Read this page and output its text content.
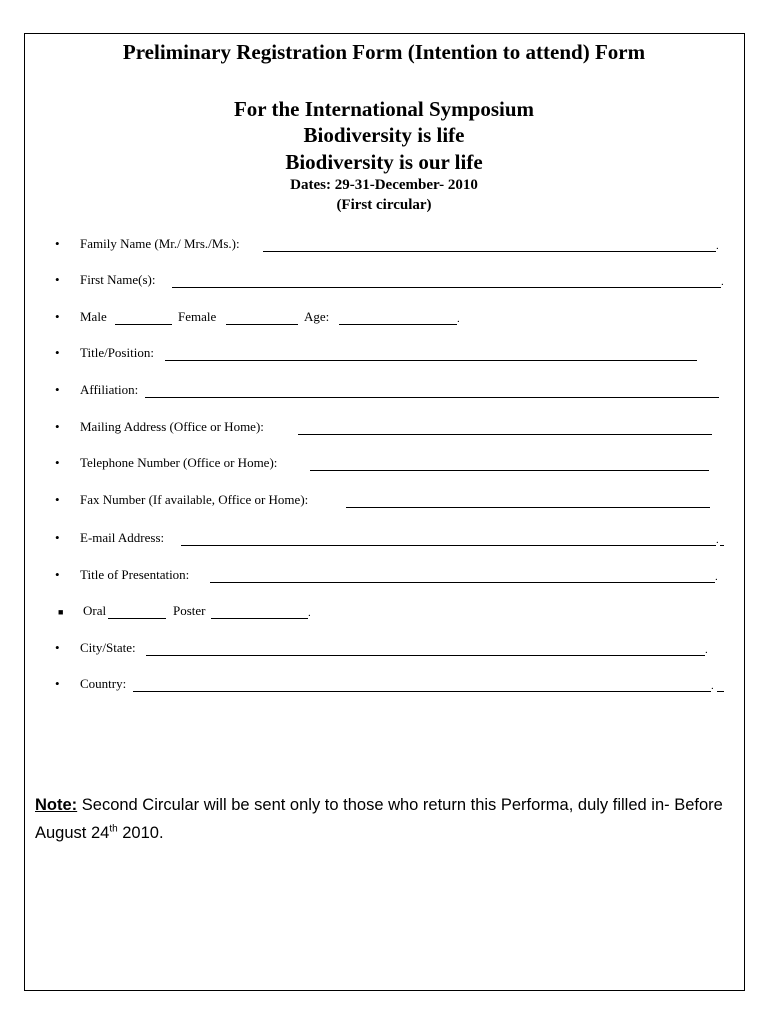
Preliminary Registration Form (Intention to attend) Form
For the International Symposium
Biodiversity is life
Biodiversity is our life
Dates: 29-31-December- 2010
(First circular)
• Family Name (Mr./ Mrs./Ms.):	.
• First Name(s):	.
• Male	Female	Age:	.
• Title/Position:
• Affiliation:
• Mailing Address (Office or Home):
• Telephone Number (Office or Home):
• Fax Number (If available, Office or Home):
• E-mail Address:	.
• Title of Presentation:	.
■ Oral	Poster	.
• City/State:	.
• Country:	.
Note: Second Circular will be sent only to those who return this Performa, duly filled in- Before August 24th 2010.
